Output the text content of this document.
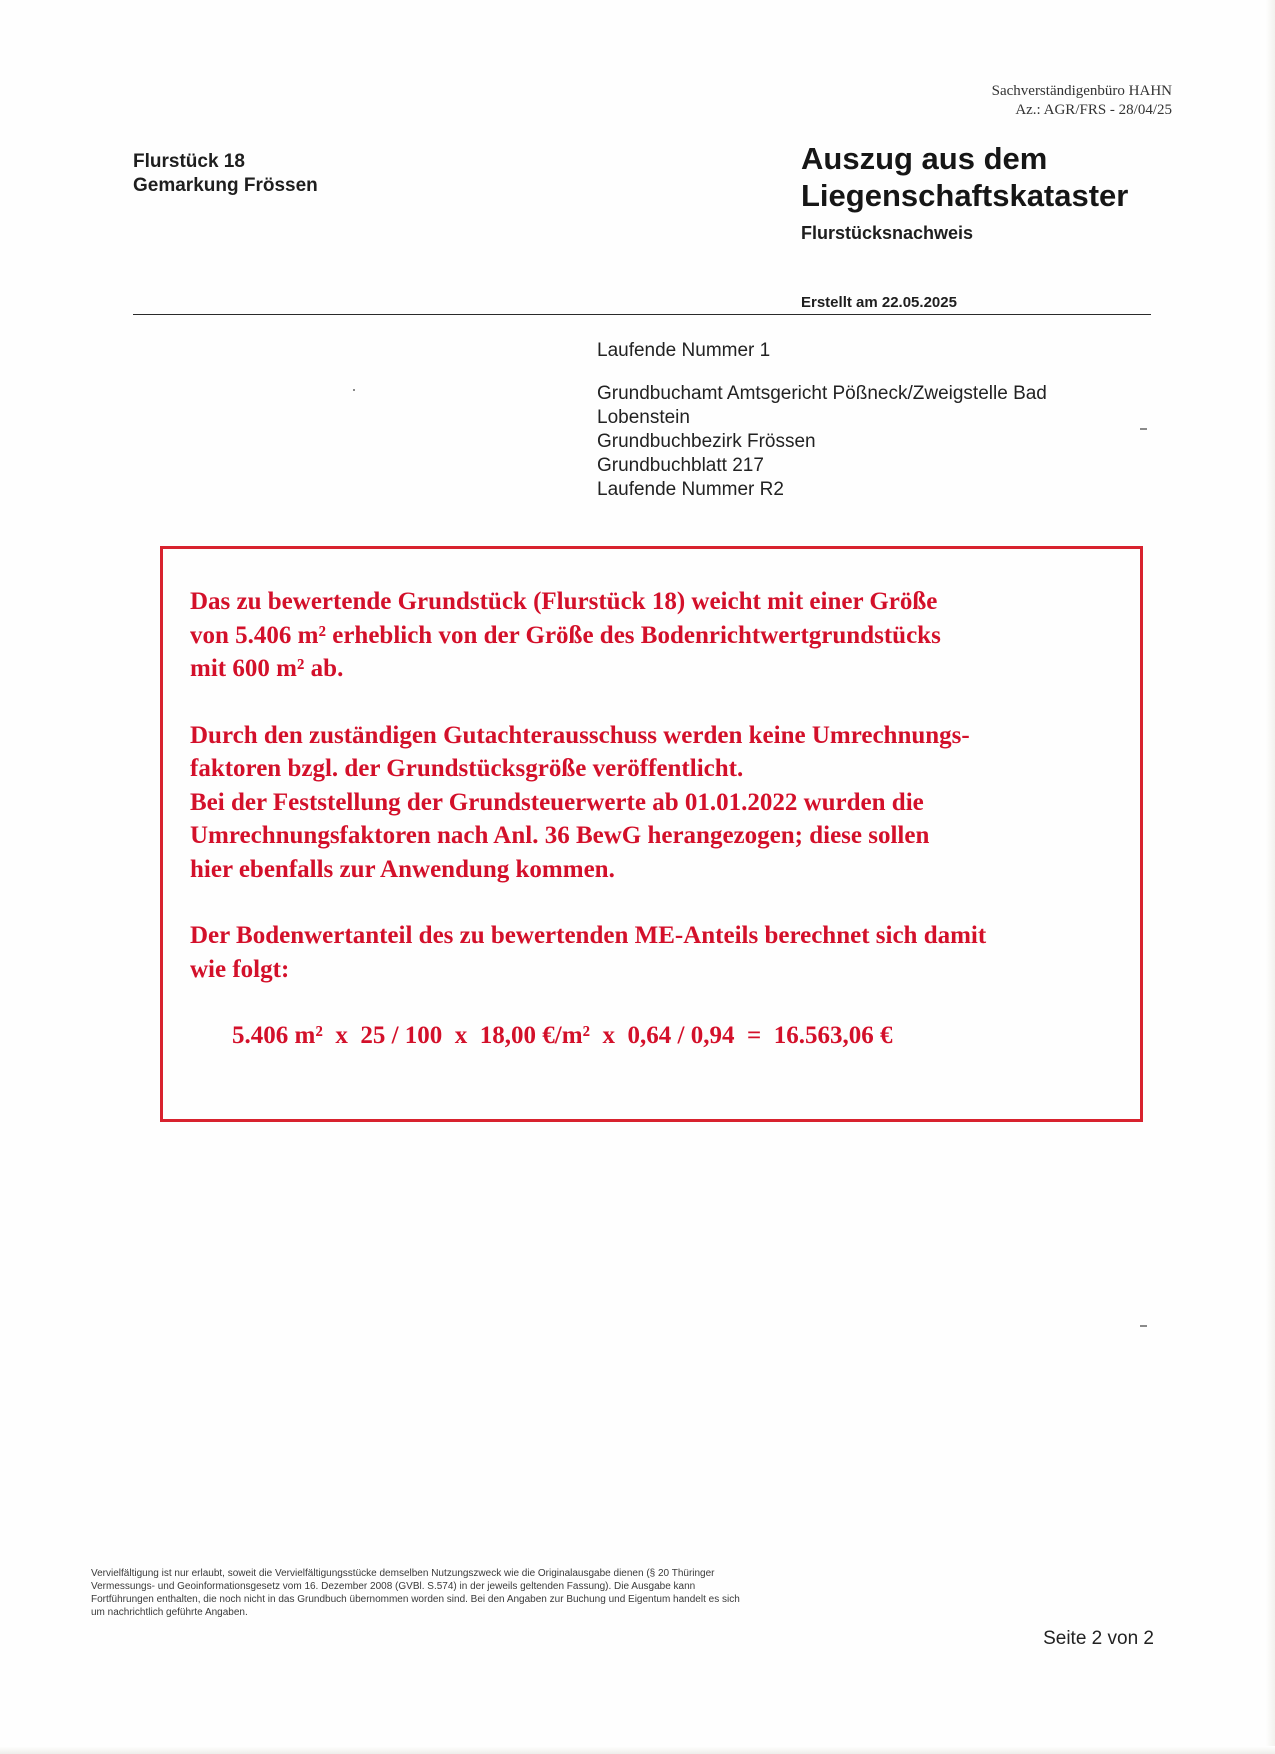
Sachverständigenbüro HAHN
Az.: AGR/FRS - 28/04/25
Flurstück 18
Gemarkung Frössen
Auszug aus dem
Liegenschaftskataster
Flurstücksnachweis
Erstellt am 22.05.2025
Laufende Nummer 1
Grundbuchamt Amtsgericht Pößneck/Zweigstelle Bad
Lobenstein
Grundbuchbezirk Frössen
Grundbuchblatt 217
Laufende Nummer R2
Das zu bewertende Grundstück (Flurstück 18) weicht mit einer Größe
von 5.406 m² erheblich von der Größe des Bodenrichtwertgrundstücks
mit 600 m² ab.
Durch den zuständigen Gutachterausschuss werden keine Umrechnungs-
faktoren bzgl. der Grundstücksgröße veröffentlicht.
Bei der Feststellung der Grundsteuerwerte ab 01.01.2022 wurden die
Umrechnungsfaktoren nach Anl. 36 BewG herangezogen; diese sollen
hier ebenfalls zur Anwendung kommen.
Der Bodenwertanteil des zu bewertenden ME-Anteils berechnet sich damit
wie folgt:
5.406 m²  x  25 / 100  x  18,00 €/m²  x  0,64 / 0,94  =  16.563,06 €
Vervielfältigung ist nur erlaubt, soweit die Vervielfältigungsstücke demselben Nutzungszweck wie die Originalausgabe dienen (§ 20 Thüringer
Vermessungs- und Geoinformationsgesetz vom 16. Dezember 2008 (GVBl. S.574) in der jeweils geltenden Fassung). Die Ausgabe kann
Fortführungen enthalten, die noch nicht in das Grundbuch übernommen worden sind. Bei den Angaben zur Buchung und Eigentum handelt es sich
um nachrichtlich geführte Angaben.
Seite 2 von 2
